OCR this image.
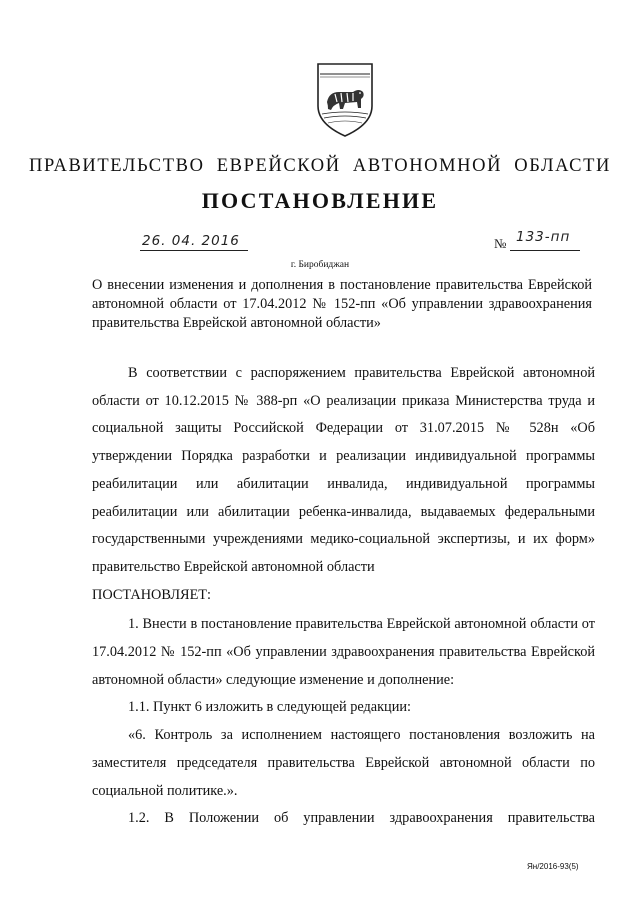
ПРАВИТЕЛЬСТВО ЕВРЕЙСКОЙ АВТОНОМНОЙ ОБЛАСТИ
ПОСТАНОВЛЕНИЕ
26. 04. 2016	№ 133-пп
г. Биробиджан
О внесении изменения и дополнения в постановление правительства Еврейской автономной области от 17.04.2012 № 152-пп «Об управлении здравоохранения правительства Еврейской автономной области»
В соответствии с распоряжением правительства Еврейской автономной области от 10.12.2015 № 388-рп «О реализации приказа Министерства труда и социальной защиты Российской Федерации от 31.07.2015 № 528н «Об утверждении Порядка разработки и реализации индивидуальной программы реабилитации или абилитации инвалида, индивидуальной программы реабилитации или абилитации ребенка-инвалида, выдаваемых федеральными государственными учреждениями медико-социальной экспертизы, и их форм» правительство Еврейской автономной области
ПОСТАНОВЛЯЕТ:
1. Внести в постановление правительства Еврейской автономной области от 17.04.2012 № 152-пп «Об управлении здравоохранения правительства Еврейской автономной области» следующие изменение и дополнение:
1.1. Пункт 6 изложить в следующей редакции:
«6. Контроль за исполнением настоящего постановления возложить на заместителя председателя правительства Еврейской автономной области по социальной политике.».
1.2. В Положении об управлении здравоохранения правительства
Ян/2016-93(5)
